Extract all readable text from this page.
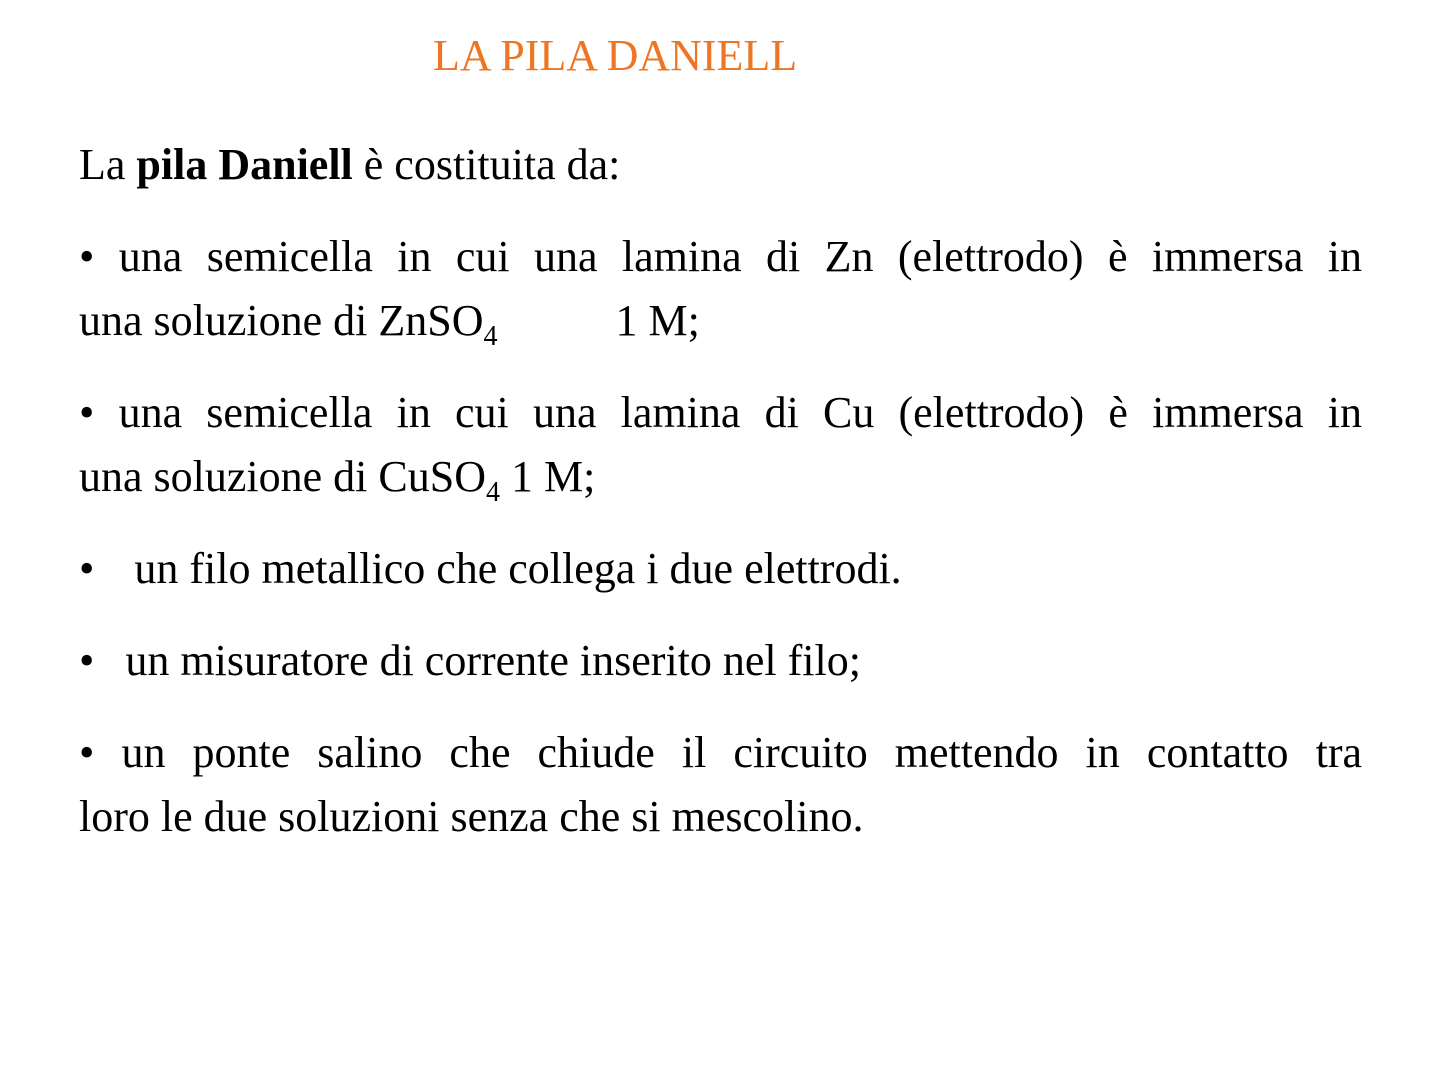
LA PILA DANIELL
La pila Daniell è costituita da:
• una semicella in cui una lamina di Zn (elettrodo) è immersa in
una soluzione di ZnSO$_4$	1 M;
• una semicella in cui una lamina di Cu (elettrodo) è immersa in
una soluzione di CuSO$_4$ 1 M;
• un filo metallico che collega i due elettrodi.
• un misuratore di corrente inserito nel filo;
• un ponte salino che chiude il circuito mettendo in contatto tra
loro le due soluzioni senza che si mescolino.
